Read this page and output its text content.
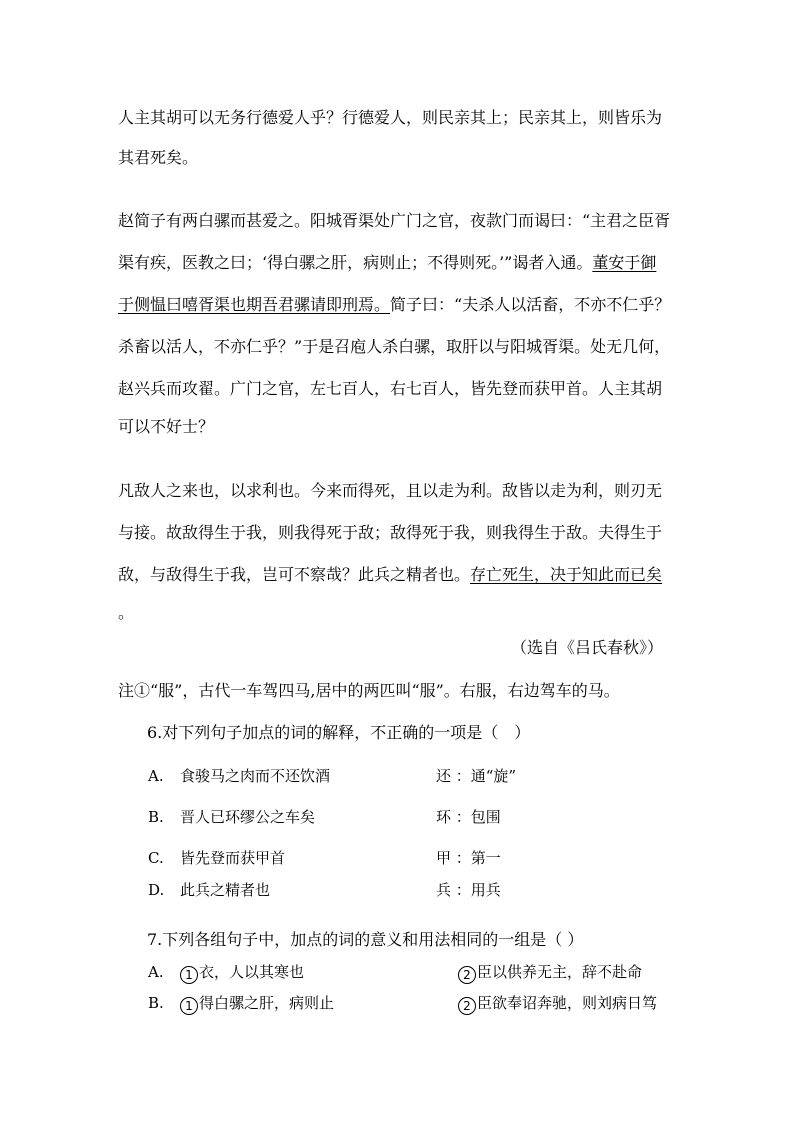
人主其胡可以无务行德爱人乎？行德爱人，则民亲其上；民亲其上，则皆乐为

其君死矣。

赵简子有两白骡而甚爱之。阳城胥渠处广门之官，夜款门而谒曰：“主君之臣胥

渠有疾，医教之曰；‘得白骡之肝，病则止；不得则死。’”谒者入通。董安于御

于侧愠曰嘻胥渠也期吾君骡请即刑焉。简子曰：“夫杀人以活畜，不亦不仁乎？

杀畜以活人，不亦仁乎？”于是召庖人杀白骡，取肝以与阳城胥渠。处无几何，

赵兴兵而攻翟。广门之官，左七百人，右七百人，皆先登而获甲首。人主其胡

可以不好士？

凡敌人之来也，以求利也。今来而得死，且以走为利。敌皆以走为利，则刃无

与接。故敌得生于我，则我得死于敌；敌得死于我，则我得生于敌。夫得生于

敌，与敌得生于我，岂可不察哉？此兵之精者也。存亡死生，决于知此而已矣

。

（选自《吕氏春秋》）
注①“服”，古代一车驾四马,居中的两匹叫“服”。右服，右边驾车的马。
6.对下列句子加点的词的解释，不正确的一项是（　）
A. 食骏马之肉而不还饮酒	还 ：通“旋”
B. 晋人已环缪公之车矣	环 ：包围
C. 皆先登而获甲首	甲 ：第一
D. 此兵之精者也	兵 ：用兵
7.下列各组句子中，加点的词的意义和用法相同的一组是（ ）
A.	1 衣，人以其寒也	2 臣以供养无主，辞不赴命
B.	1 得白骡之肝，病则止	2 臣欲奉诏奔驰，则刘病日笃
